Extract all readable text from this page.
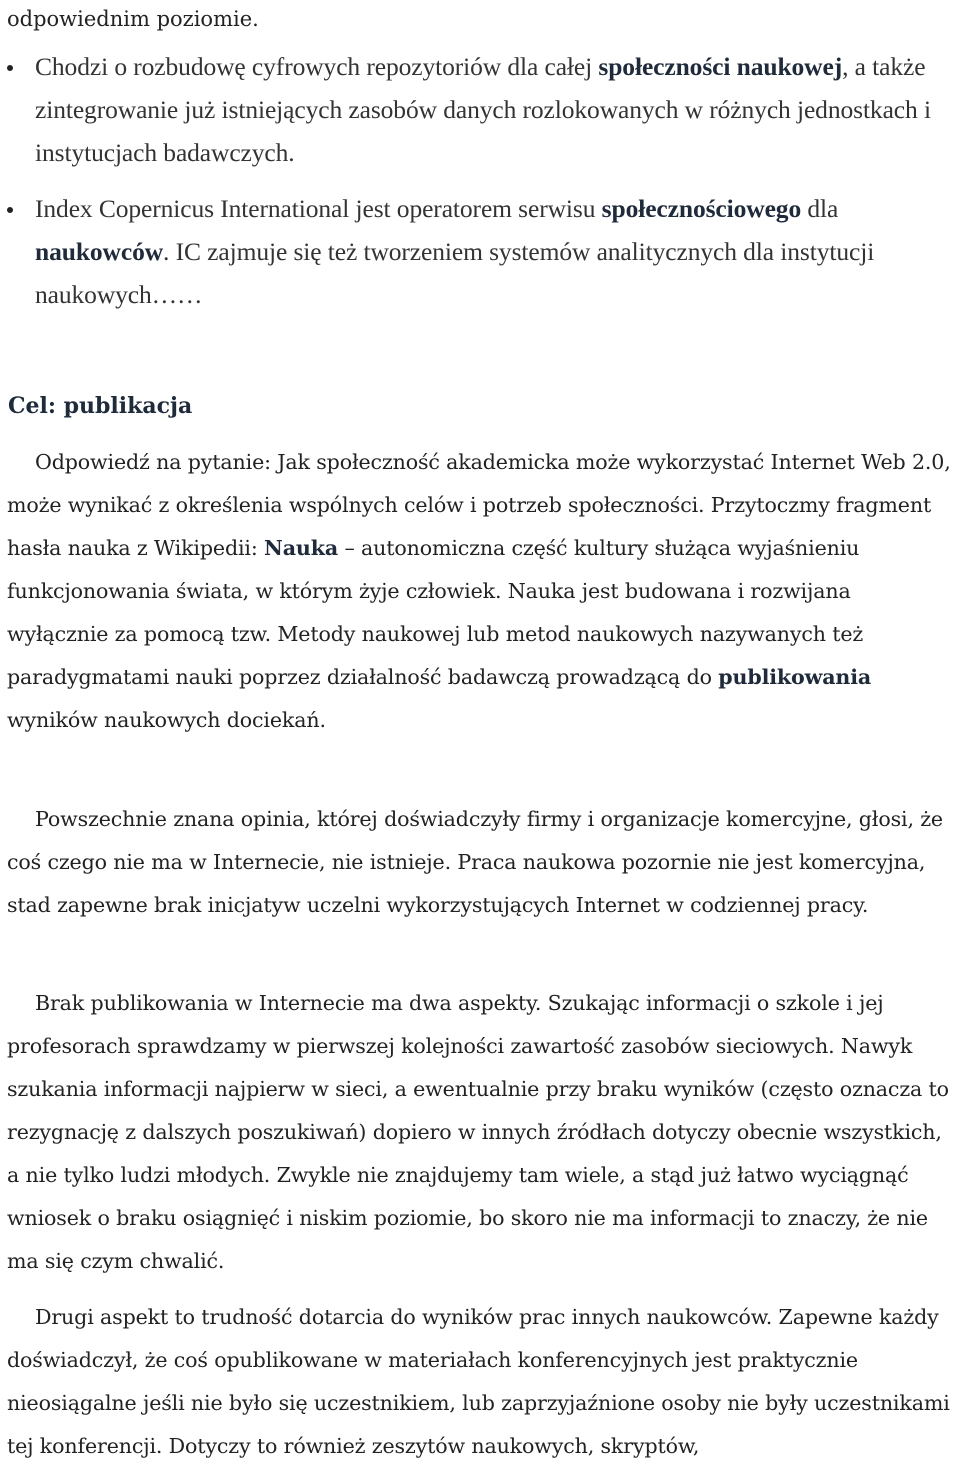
odpowiednim poziomie.

Chodzi o rozbudowę cyfrowych repozytoriów dla całej społeczności naukowej, a także zintegrowanie już istniejących zasobów danych rozlokowanych w różnych jednostkach i instytucjach badawczych.
Index Copernicus International jest operatorem serwisu społecznościowego dla naukowców. IC zajmuje się też tworzeniem systemów analitycznych dla instytucji naukowych……
Cel: publikacja

Odpowiedź na pytanie: Jak społeczność akademicka może wykorzystać Internet Web 2.0, może wynikać z określenia wspólnych celów i potrzeb społeczności. Przytoczmy fragment hasła nauka z Wikipedii: Nauka – autonomiczna część kultury służąca wyjaśnieniu funkcjonowania świata, w którym żyje człowiek. Nauka jest budowana i rozwijana wyłącznie za pomocą tzw. Metody naukowej lub metod naukowych nazywanych też paradygmatami nauki poprzez działalność badawczą prowadzącą do publikowania wyników naukowych dociekań.

Powszechnie znana opinia, której doświadczyły firmy i organizacje komercyjne, głosi, że coś czego nie ma w Internecie, nie istnieje. Praca naukowa pozornie nie jest komercyjna, stad zapewne brak inicjatyw uczelni wykorzystujących Internet w codziennej pracy.

Brak publikowania w Internecie ma dwa aspekty. Szukając informacji o szkole i jej profesorach sprawdzamy w pierwszej kolejności zawartość zasobów sieciowych. Nawyk szukania informacji najpierw w sieci, a ewentualnie przy braku wyników (często oznacza to rezygnację z dalszych poszukiwań) dopiero w innych źródłach dotyczy obecnie wszystkich, a nie tylko ludzi młodych. Zwykle nie znajdujemy tam wiele, a stąd już łatwo wyciągnąć wniosek o braku osiągnięć i niskim poziomie, bo skoro nie ma informacji to znaczy, że nie ma się czym chwalić.

Drugi aspekt to trudność dotarcia do wyników prac innych naukowców. Zapewne każdy doświadczył, że coś opublikowane w materiałach konferencyjnych jest praktycznie nieosiągalne jeśli nie było się uczestnikiem, lub zaprzyjaźnione osoby nie były uczestnikami tej konferencji. Dotyczy to również zeszytów naukowych, skryptów,
